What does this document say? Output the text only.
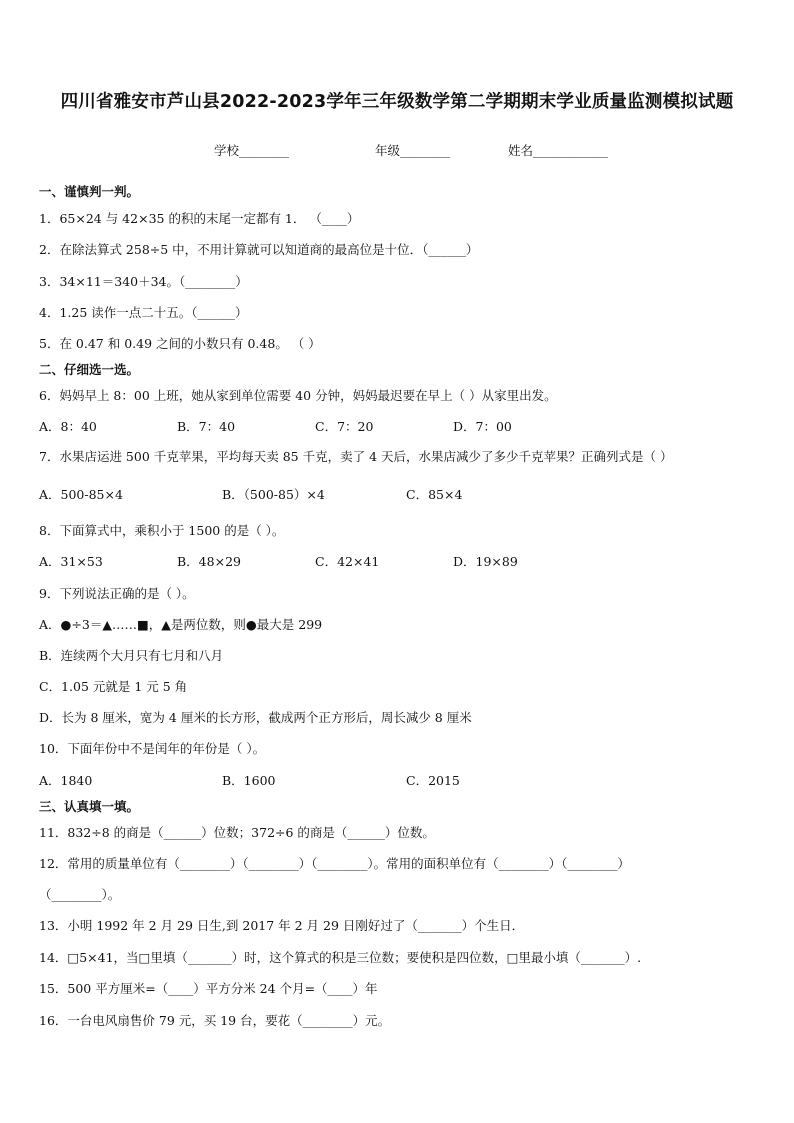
四川省雅安市芦山县2022-2023学年三年级数学第二学期期末学业质量监测模拟试题
学校________	年级________	姓名____________
一、谨慎判一判。
1．65×24 与 42×35 的积的末尾一定都有 1． （____）
2．在除法算式 258÷5 中，不用计算就可以知道商的最高位是十位．（______）
3．34×11＝340＋34。（________）
4．1.25 读作一点二十五。（______）
5．在 0.47 和 0.49 之间的小数只有 0.48。 （ ）
二、仔细选一选。
6．妈妈早上 8：00 上班，她从家到单位需要 40 分钟，妈妈最迟要在早上（ ）从家里出发。
A．8：40	B．7：40	C．7：20	D．7：00
7．水果店运进 500 千克苹果，平均每天卖 85 千克，卖了 4 天后，水果店减少了多少千克苹果？正确列式是（ ）
A．500-85×4	B．（500-85）×4	C．85×4
8．下面算式中，乘积小于 1500 的是（ ）。
A．31×53	B．48×29	C．42×41	D．19×89
9．下列说法正确的是（ ）。
A．●÷3＝▲……■，▲是两位数，则●最大是 299
B．连续两个大月只有七月和八月
C．1.05 元就是 1 元 5 角
D．长为 8 厘米，宽为 4 厘米的长方形，截成两个正方形后，周长减少 8 厘米
10．下面年份中不是闰年的年份是（ ）。
A．1840	B．1600	C．2015
三、认真填一填。
11．832÷8 的商是（______）位数；372÷6 的商是（______）位数。
12．常用的质量单位有（________）（________）（________）。常用的面积单位有（________）（________）
（________）。
13．小明 1992 年 2 月 29 日生,到 2017 年 2 月 29 日刚好过了（_______）个生日．
14．□5×41，当□里填（_______）时，这个算式的积是三位数；要使积是四位数，□里最小填（_______）.
15．500 平方厘米=（____）平方分米 24 个月=（____）年
16．一台电风扇售价 79 元，买 19 台，要花（________）元。
